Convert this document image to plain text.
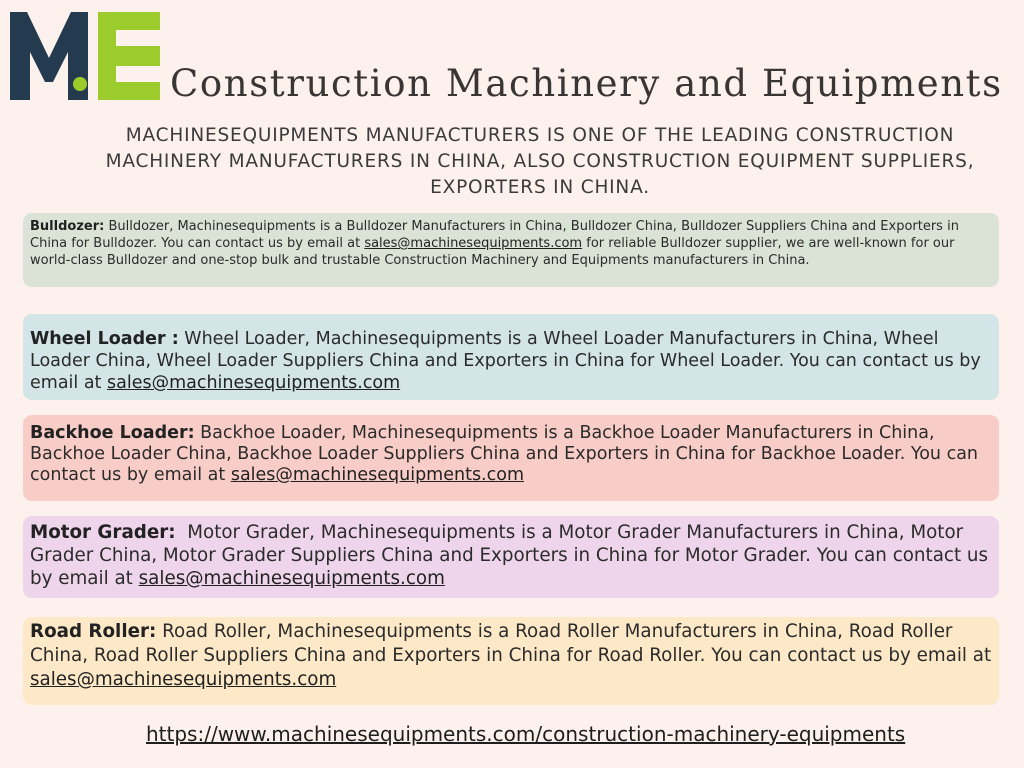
Construction Machinery and Equipments
MACHINESEQUIPMENTS MANUFACTURERS IS ONE OF THE LEADING CONSTRUCTION MACHINERY MANUFACTURERS IN CHINA, ALSO CONSTRUCTION EQUIPMENT SUPPLIERS, EXPORTERS IN CHINA.
Bulldozer: Bulldozer, Machinesequipments is a Bulldozer Manufacturers in China, Bulldozer China, Bulldozer Suppliers China and Exporters in China for Bulldozer. You can contact us by email at sales@machinesequipments.com for reliable Bulldozer supplier, we are well-known for our world-class Bulldozer and one-stop bulk and trustable Construction Machinery and Equipments manufacturers in China.
Wheel Loader : Wheel Loader, Machinesequipments is a Wheel Loader Manufacturers in China, Wheel Loader China, Wheel Loader Suppliers China and Exporters in China for Wheel Loader. You can contact us by email at sales@machinesequipments.com
Backhoe Loader: Backhoe Loader, Machinesequipments is a Backhoe Loader Manufacturers in China, Backhoe Loader China, Backhoe Loader Suppliers China and Exporters in China for Backhoe Loader. You can contact us by email at sales@machinesequipments.com
Motor Grader:  Motor Grader, Machinesequipments is a Motor Grader Manufacturers in China, Motor Grader China, Motor Grader Suppliers China and Exporters in China for Motor Grader. You can contact us by email at sales@machinesequipments.com
Road Roller: Road Roller, Machinesequipments is a Road Roller Manufacturers in China, Road Roller China, Road Roller Suppliers China and Exporters in China for Road Roller. You can contact us by email at sales@machinesequipments.com
https://www.machinesequipments.com/construction-machinery-equipments
